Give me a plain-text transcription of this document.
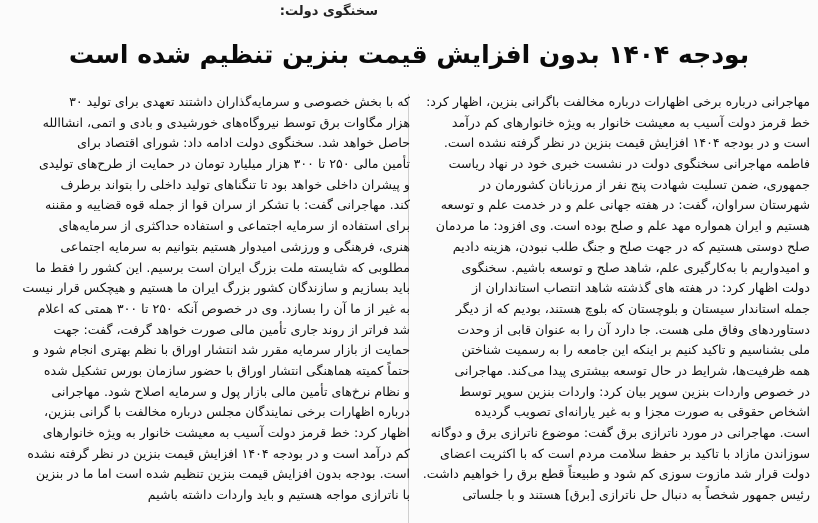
سخنگوی دولت:
بودجه ۱۴۰۴ بدون افزایش قیمت بنزین تنظیم شده است
مهاجرانی درباره برخی اظهارات درباره مخالفت باگرانی بنزین، اظهار کرد:
خط قرمز دولت آسیب به معیشت خانوار به ویژه خانوارهای کم درآمد
است و در بودجه ۱۴۰۴ افزایش قیمت بنزین در نظر گرفته نشده است.
فاطمه مهاجرانی سخنگوی دولت در نشست خبری خود در نهاد ریاست
جمهوری، ضمن تسلیت شهادت پنج نفر از مرزبانان کشورمان در
شهرستان سراوان، گفت: در هفته جهانی علم و در خدمت علم و توسعه
هستیم و ایران همواره مهد علم و صلح بوده است. وی افزود: ما مردمان
صلح دوستی هستیم که در جهت صلح و جنگ طلب نبودن، هزینه دادیم
و امیدواریم با به‌کارگیری علم، شاهد صلح و توسعه باشیم. سخنگوی
دولت اظهار کرد: در هفته های گذشته شاهد انتصاب استانداران از
جمله استاندار سیستان و بلوچستان که بلوچ هستند، بودیم که از دیگر
دستاوردهای وفاق ملی هست. جا دارد آن را به عنوان قابی از وحدت
ملی بشناسیم و تاکید کنیم بر اینکه این جامعه را به رسمیت شناختن
همه ظرفیت‌ها، شرایط در حال توسعه بیشتری پیدا می‌کند. مهاجرانی
در خصوص واردات بنزین سوپر بیان کرد: واردات بنزین سوپر توسط
اشخاص حقوقی به صورت مجزا و به غیر یارانه‌ای تصویب گردیده
است. مهاجرانی در مورد ناترازی برق گفت: موضوع ناترازی برق و دوگانه
سوزاندن مازاد با تاکید بر حفظ سلامت مردم است که با اکثریت اعضای
دولت قرار شد مازوت سوزی کم شود و طبیعتاً قطع برق را خواهیم داشت.
رئیس جمهور شخصاً به دنبال حل ناترازی [برق] هستند و با جلساتی
که با بخش خصوصی و سرمایه‌گذاران داشتند تعهدی برای تولید ۳۰
هزار مگاوات برق توسط نیروگاه‌های خورشیدی و بادی و اتمی، انشاالله
حاصل خواهد شد. سخنگوی دولت ادامه داد: شورای اقتصاد برای
تأمین مالی ۲۵۰ تا ۳۰۰ هزار میلیارد تومان در حمایت از طرح‌های تولیدی
و پیشران داخلی خواهد بود تا تنگناهای تولید داخلی را بتواند برطرف
کند. مهاجرانی گفت: با تشکر از سران قوا از جمله قوه قضاییه و مقننه
برای استفاده از سرمایه اجتماعی و استفاده حداکثری از سرمایه‌های
هنری، فرهنگی و ورزشی امیدوار هستیم بتوانیم به سرمایه اجتماعی
مطلوبی که شایسته ملت بزرگ ایران است برسیم. این کشور را فقط ما
باید بسازیم و سازندگان کشور بزرگ ایران ما هستیم و هیچکس قرار نیست
به غیر از ما آن را بسازد. وی در خصوص آنکه ۲۵۰ تا ۳۰۰ همتی که اعلام
شد فراتر از روند جاری تأمین مالی صورت خواهد گرفت، گفت: جهت
حمایت از بازار سرمایه مقرر شد انتشار اوراق با نظم بهتری انجام شود و
حتماً کمیته هماهنگی انتشار اوراق با حضور سازمان بورس تشکیل شده
و نظام نرخ‌های تأمین مالی بازار پول و سرمایه اصلاح شود. مهاجرانی
درباره اظهارات برخی نمایندگان مجلس درباره مخالفت با گرانی بنزین،
اظهار کرد: خط قرمز دولت آسیب به معیشت خانوار به ویژه خانوارهای
کم درآمد است و در بودجه ۱۴۰۴ افزایش قیمت بنزین در نظر گرفته نشده
است. بودجه بدون افزایش قیمت بنزین تنظیم شده است اما ما در بنزین
با ناترازی مواجه هستیم و باید واردات داشته باشیم
